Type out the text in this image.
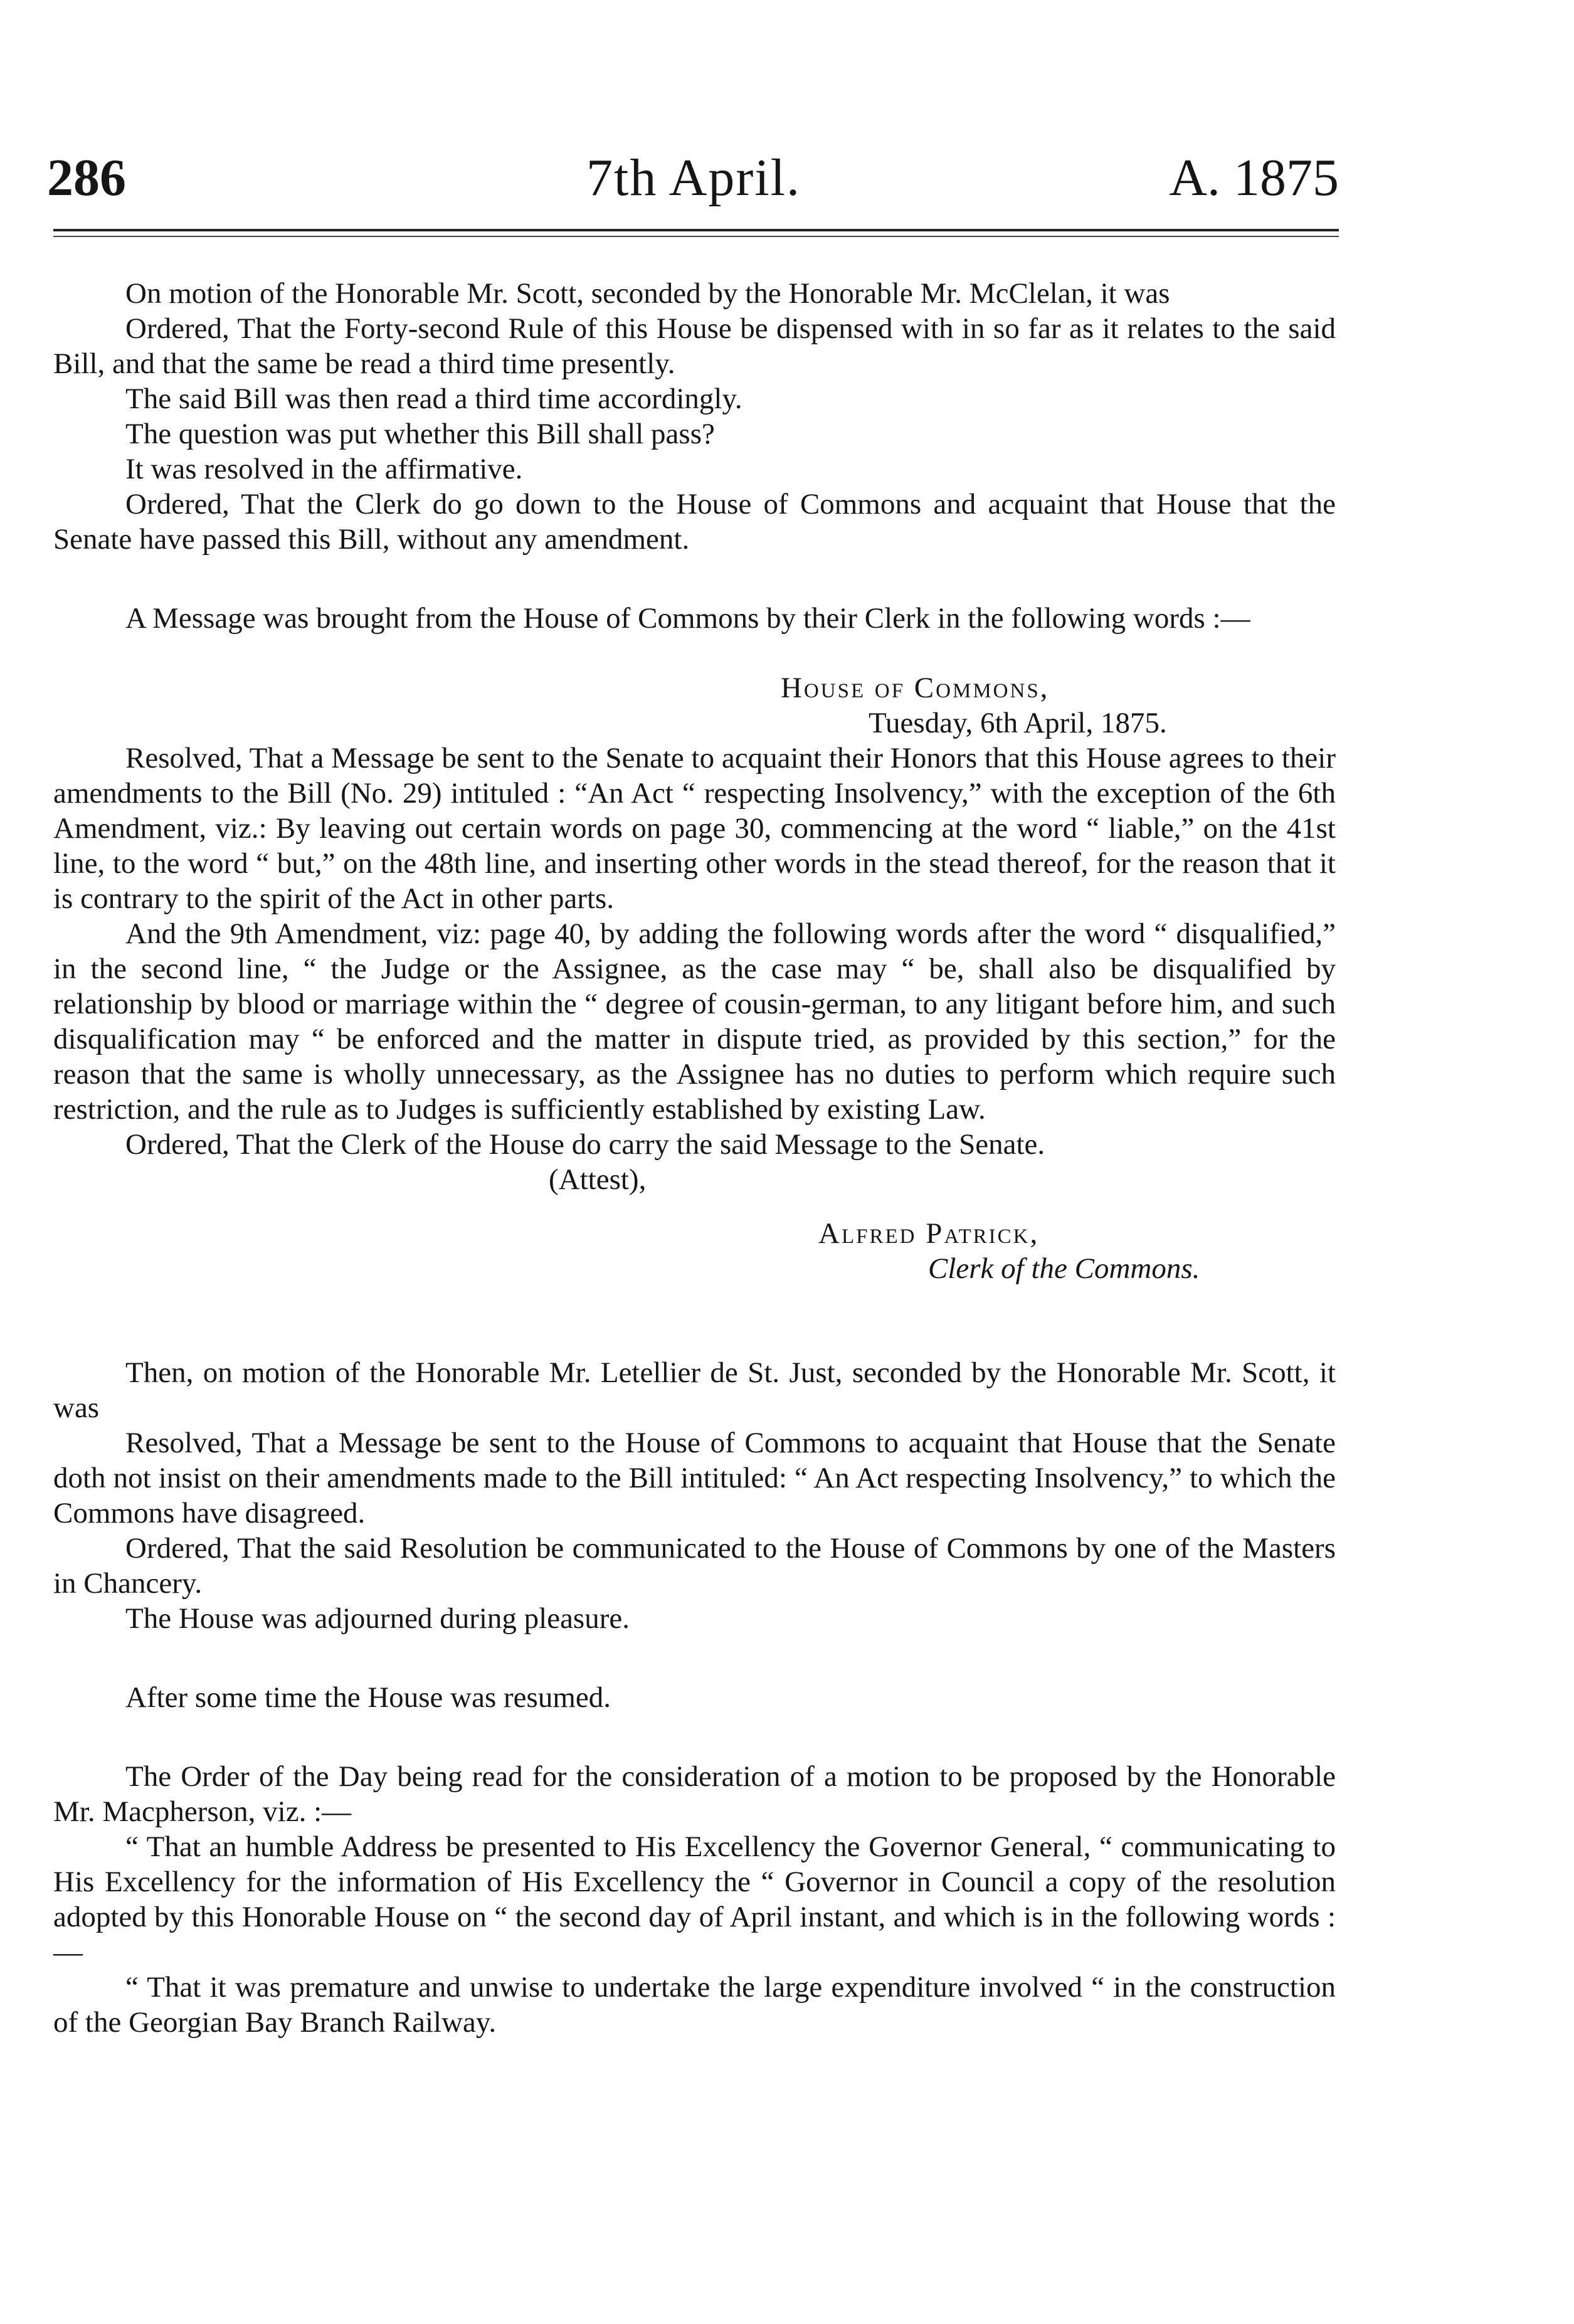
286	7th April.	A. 1875

On motion of the Honorable Mr. Scott, seconded by the Honorable Mr. McClelan, it was

Ordered, That the Forty-second Rule of this House be dispensed with in so far as it relates to the said Bill, and that the same be read a third time presently.

The said Bill was then read a third time accordingly.

The question was put whether this Bill shall pass?

It was resolved in the affirmative.

Ordered, That the Clerk do go down to the House of Commons and acquaint that House that the Senate have passed this Bill, without any amendment.

A Message was brought from the House of Commons by their Clerk in the following words :—

House of Commons,

Tuesday, 6th April, 1875.

Resolved, That a Message be sent to the Senate to acquaint their Honors that this House agrees to their amendments to the Bill (No. 29) intituled : “An Act “ respecting Insolvency,” with the exception of the 6th Amendment, viz.: By leaving out certain words on page 30, commencing at the word “ liable,” on the 41st line, to the word “ but,” on the 48th line, and inserting other words in the stead thereof, for the reason that it is contrary to the spirit of the Act in other parts.

And the 9th Amendment, viz: page 40, by adding the following words after the word “ disqualified,” in the second line, “ the Judge or the Assignee, as the case may “ be, shall also be disqualified by relationship by blood or marriage within the “ degree of cousin-german, to any litigant before him, and such disqualification may “ be enforced and the matter in dispute tried, as provided by this section,” for the reason that the same is wholly unnecessary, as the Assignee has no duties to perform which require such restriction, and the rule as to Judges is sufficiently established by existing Law.

Ordered, That the Clerk of the House do carry the said Message to the Senate.

(Attest),

Alfred Patrick,

Clerk of the Commons.

Then, on motion of the Honorable Mr. Letellier de St. Just, seconded by the Honorable Mr. Scott, it was

Resolved, That a Message be sent to the House of Commons to acquaint that House that the Senate doth not insist on their amendments made to the Bill intituled: “ An Act respecting Insolvency,” to which the Commons have disagreed.

Ordered, That the said Resolution be communicated to the House of Commons by one of the Masters in Chancery.

The House was adjourned during pleasure.

After some time the House was resumed.

The Order of the Day being read for the consideration of a motion to be proposed by the Honorable Mr. Macpherson, viz. :—

“ That an humble Address be presented to His Excellency the Governor General, “ communicating to His Excellency for the information of His Excellency the “ Governor in Council a copy of the resolution adopted by this Honorable House on “ the second day of April instant, and which is in the following words :—

“ That it was premature and unwise to undertake the large expenditure involved “ in the construction of the Georgian Bay Branch Railway.
